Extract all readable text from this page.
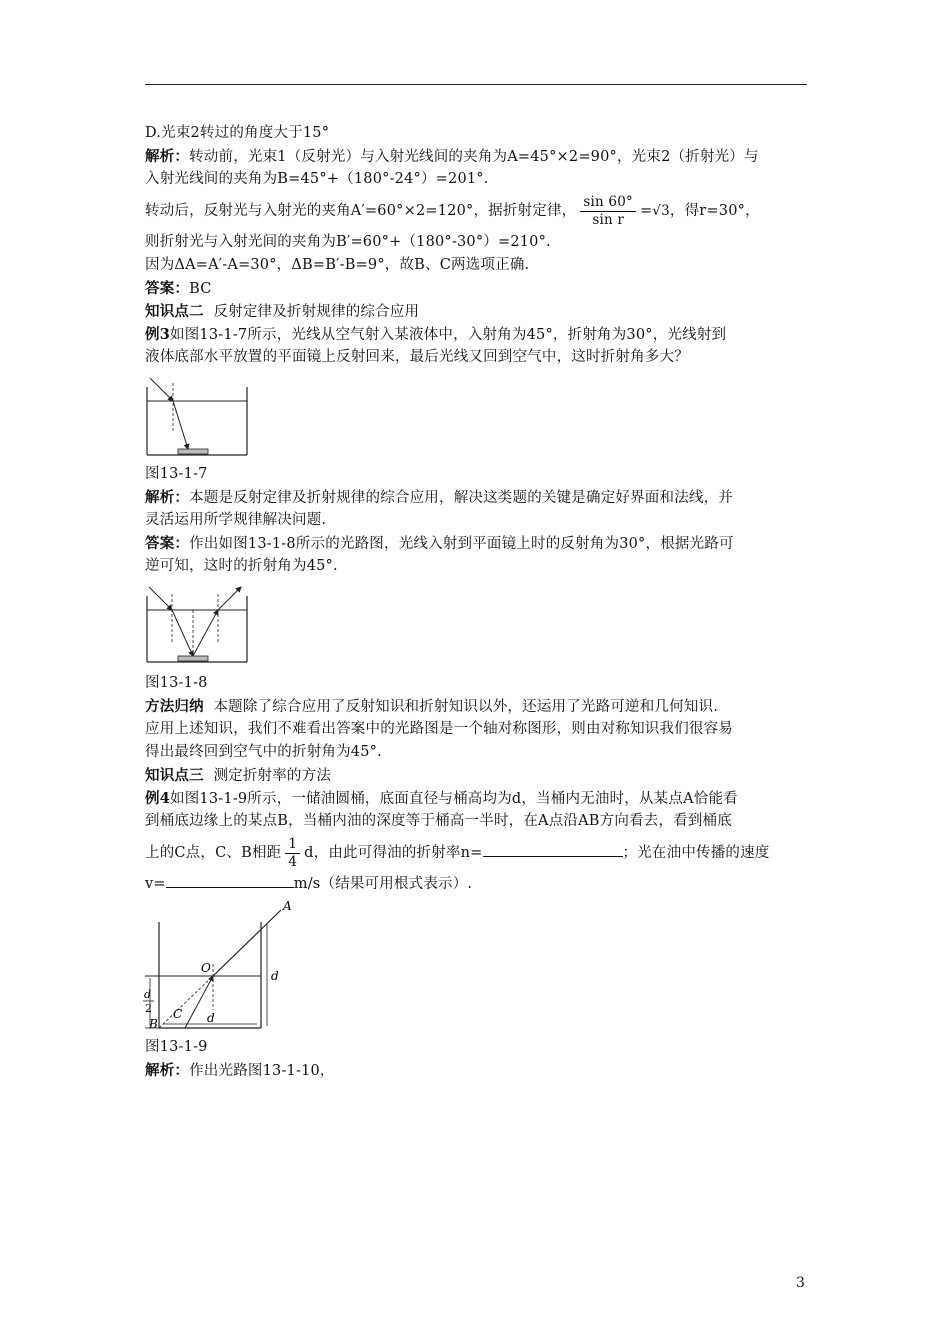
D.光束2转过的角度大于15°
解析：转动前，光束1（反射光）与入射光线间的夹角为A=45°×2=90°，光束2（折射光）与
入射光线间的夹角为B=45°+（180°-24°）=201°.
转动后，反射光与入射光的夹角A′=60°×2=120°，据折射定律， $\frac{\sin 60^\circ}{\text{sin r}} =√3$，得r=30°，
则折射光与入射光间的夹角为B′=60°+（180°-30°）=210°.
因为ΔA=A′-A=30°，ΔB=B′-B=9°，故B、C两选项正确.
答案：BC
知识点二 反射定律及折射规律的综合应用
例3如图13-1-7所示，光线从空气射入某液体中，入射角为45°，折射角为30°，光线射到
液体底部水平放置的平面镜上反射回来，最后光线又回到空气中，这时折射角多大？
图13-1-7
解析：本题是反射定律及折射规律的综合应用，解决这类题的关键是确定好界面和法线，并
灵活运用所学规律解决问题.
答案：作出如图13-1-8所示的光路图，光线入射到平面镜上时的反射角为30°，根据光路可
逆可知，这时的折射角为45°.
图13-1-8
方法归纳 本题除了综合应用了反射知识和折射知识以外，还运用了光路可逆和几何知识.
应用上述知识，我们不难看出答案中的光路图是一个轴对称图形，则由对称知识我们很容易
得出最终回到空气中的折射角为45°.
知识点三 测定折射率的方法
例4如图13-1-9所示，一储油圆桶，底面直径与桶高均为d，当桶内无油时，从某点A恰能看
到桶底边缘上的某点B，当桶内油的深度等于桶高一半时，在A点沿AB方向看去，看到桶底
上的C点，C、B相距 $\frac{1}{4}$ d，由此可得油的折射率n=	；光在油中传播的速度
v=	m/s（结果可用根式表示）.
A
O
C
B
d
d
d
2
图13-1-9
解析：作出光路图13-1-10，
3
